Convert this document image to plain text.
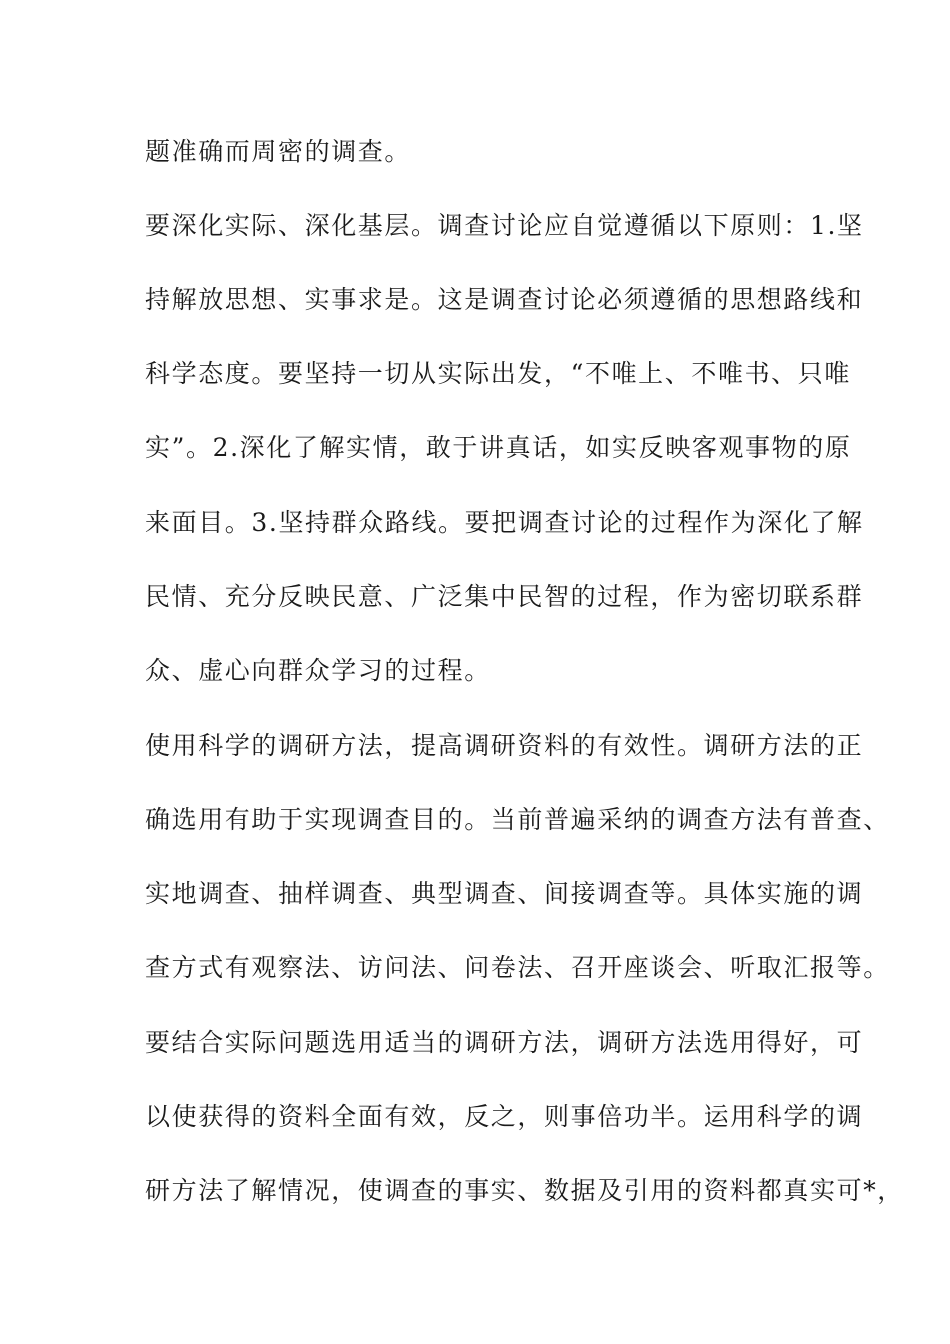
题准确而周密的调查。
要深化实际、深化基层。调查讨论应自觉遵循以下原则：1.坚
持解放思想、实事求是。这是调查讨论必须遵循的思想路线和
科学态度。要坚持一切从实际出发，“不唯上、不唯书、只唯
实”。2.深化了解实情，敢于讲真话，如实反映客观事物的原
来面目。3.坚持群众路线。要把调查讨论的过程作为深化了解
民情、充分反映民意、广泛集中民智的过程，作为密切联系群
众、虚心向群众学习的过程。
使用科学的调研方法，提高调研资料的有效性。调研方法的正
确选用有助于实现调查目的。当前普遍采纳的调查方法有普查、
实地调查、抽样调查、典型调查、间接调查等。具体实施的调
查方式有观察法、访问法、问卷法、召开座谈会、听取汇报等。
要结合实际问题选用适当的调研方法，调研方法选用得好，可
以使获得的资料全面有效，反之，则事倍功半。运用科学的调
研方法了解情况，使调查的事实、数据及引用的资料都真实可*，
